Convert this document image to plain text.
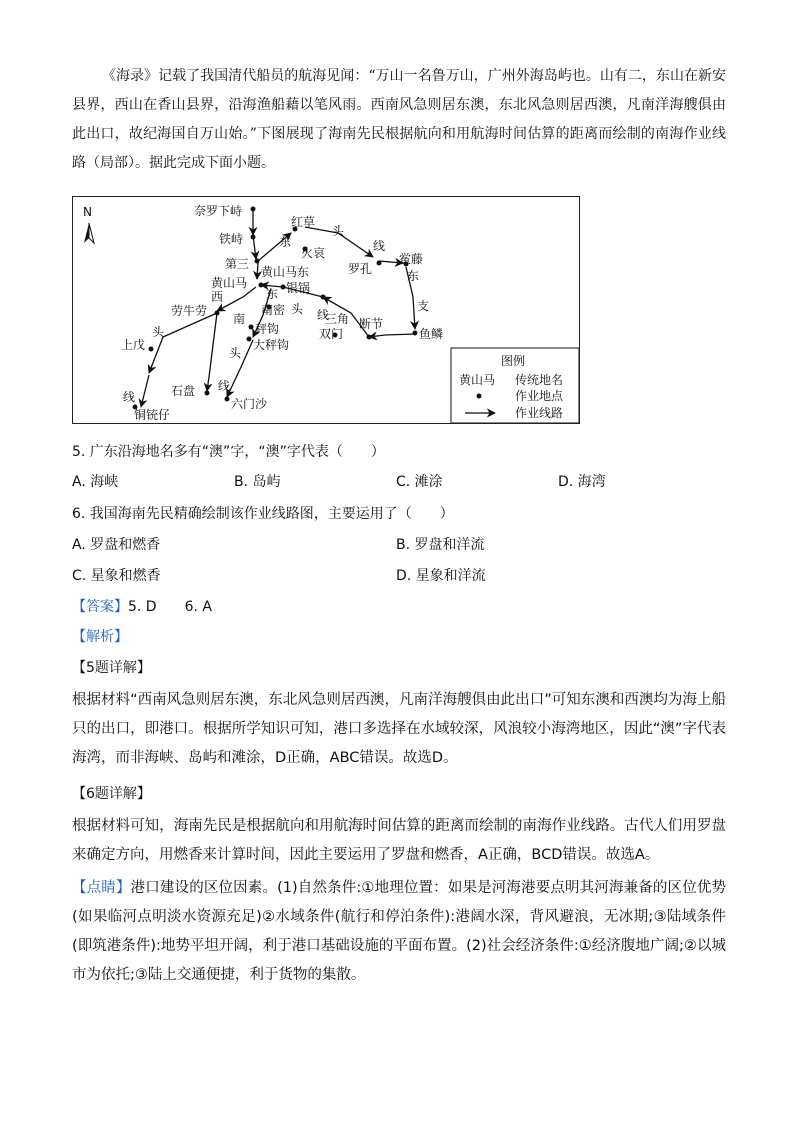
《海录》记载了我国清代船员的航海见闻：“万山一名鲁万山，广州外海岛屿也。山有二，东山在新安县界，西山在香山县界，沿海渔船藉以笔风雨。西南风急则居东澳，东北风急则居西澳，凡南洋海艘俱由此出口，故纪海国自万山始。”下图展现了海南先民根据航向和用航海时间估算的距离而绘制的南海作业线路（局部）。据此完成下面小题。
N	奈罗下峙
铁峙
红草
火哀
罗孔
鲎藤
第三
黄山马东
黄山马	银锅
三角
劳牛劳	南密
双门
断节
鱼鳞
上戊
秤钩
大秤钩
石盘
铜铳仔
六门沙
东
头
线
东
支
西	东
头
南	线
头
头
线
线
图例
黄山马 传统地名
作业地点
作业线路
5. 广东沿海地名多有“澳”字，“澳”字代表（　　）
A. 海峡	B. 岛屿	C. 滩涂	D. 海湾
6. 我国海南先民精确绘制该作业线路图，主要运用了（　　）
A. 罗盘和燃香	B. 罗盘和洋流
C. 星象和燃香	D. 星象和洋流
【答案】5. D　　6. A
【解析】
【5题详解】
根据材料“西南风急则居东澳，东北风急则居西澳，凡南洋海艘俱由此出口”可知东澳和西澳均为海上船只的出口，即港口。根据所学知识可知，港口多选择在水域较深，风浪较小海湾地区，因此“澳”字代表海湾，而非海峡、岛屿和滩涂，D正确，ABC错误。故选D。
【6题详解】
根据材料可知，海南先民是根据航向和用航海时间估算的距离而绘制的南海作业线路。古代人们用罗盘来确定方向，用燃香来计算时间，因此主要运用了罗盘和燃香，A正确，BCD错误。故选A。
【点睛】港口建设的区位因素。(1)自然条件:①地理位置：如果是河海港要点明其河海兼备的区位优势(如果临河点明淡水资源充足)②水域条件(航行和停泊条件):港阔水深，背风避浪，无冰期;③陆域条件(即筑港条件):地势平坦开阔，利于港口基础设施的平面布置。(2)社会经济条件:①经济腹地广阔;②以城市为依托;③陆上交通便捷，利于货物的集散。
